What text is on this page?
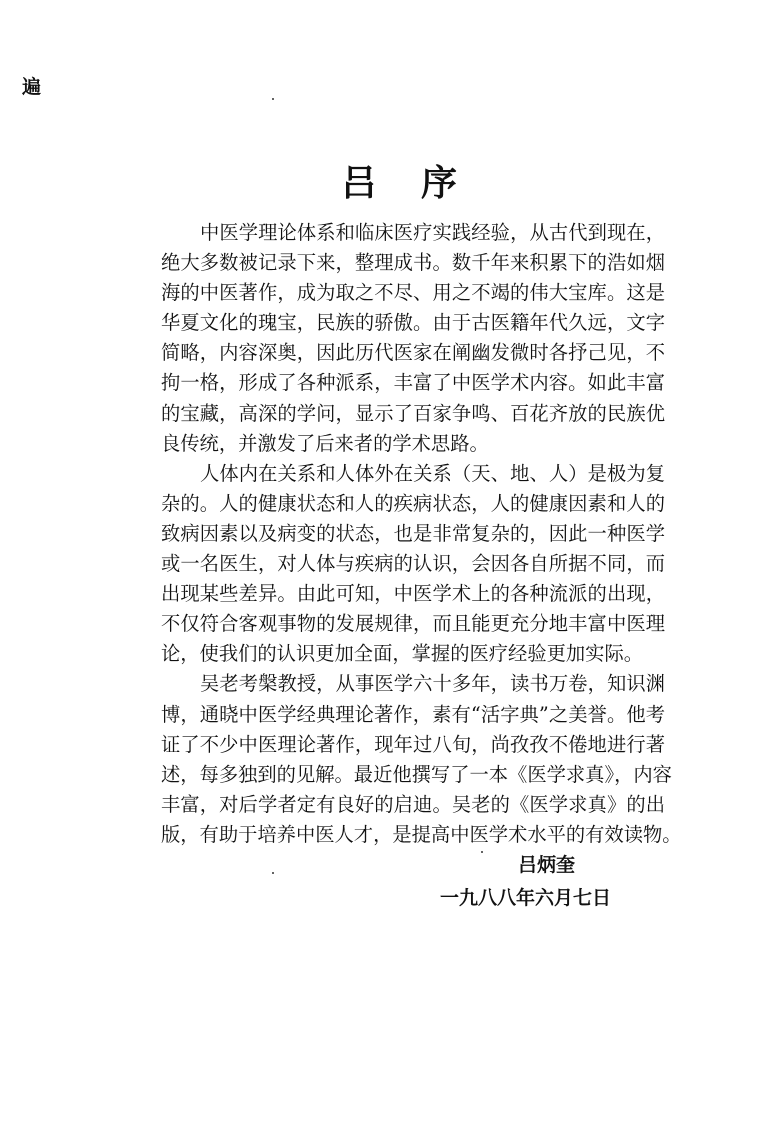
遍
吕 序
中医学理论体系和临床医疗实践经验，从古代到现在，
绝大多数被记录下来，整理成书。数千年来积累下的浩如烟
海的中医著作，成为取之不尽、用之不竭的伟大宝库。这是
华夏文化的瑰宝，民族的骄傲。由于古医籍年代久远，文字
简略，内容深奥，因此历代医家在阐幽发微时各抒己见，不
拘一格，形成了各种派系，丰富了中医学术内容。如此丰富
的宝藏，高深的学问，显示了百家争鸣、百花齐放的民族优
良传统，并激发了后来者的学术思路。
人体内在关系和人体外在关系（天、地、人）是极为复
杂的。人的健康状态和人的疾病状态，人的健康因素和人的
致病因素以及病变的状态，也是非常复杂的，因此一种医学
或一名医生，对人体与疾病的认识，会因各自所据不同，而
出现某些差异。由此可知，中医学术上的各种流派的出现，
不仅符合客观事物的发展规律，而且能更充分地丰富中医理
论，使我们的认识更加全面，掌握的医疗经验更加实际。
吴老考槃教授，从事医学六十多年，读书万卷，知识渊
博，通晓中医学经典理论著作，素有“活字典”之美誉。他考
证了不少中医理论著作，现年过八旬，尚孜孜不倦地进行著
述，每多独到的见解。最近他撰写了一本《医学求真》，内容
丰富，对后学者定有良好的启迪。吴老的《医学求真》的出
版，有助于培养中医人才，是提高中医学术水平的有效读物。
吕炳奎
一九八八年六月七日
